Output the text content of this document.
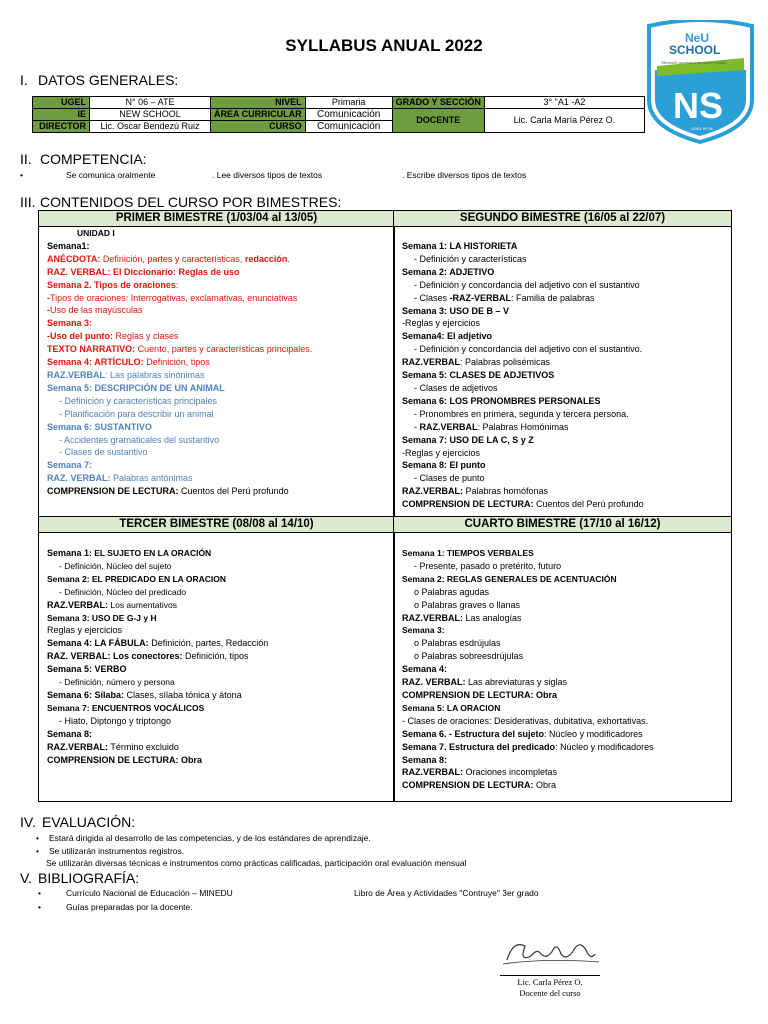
SYLLABUS ANUAL 2022	NeU
SCHOOL
Abriendo puertas a un nuevo mundo
NS
UGEL Nº 06
I. DATOS GENERALES:
UGEL	N° 06 – ATE	NIVEL	Primaria	GRADO Y SECCIÓN	3° "A1 -A2
IE	NEW SCHOOL	ÁREA CURRICULAR	Comunicación	DOCENTE	Lic. Carla María Pérez O.
DIRECTOR	Lic. Oscar Bendezú Ruiz	CURSO	Comunicación		
II. COMPETENCIA:
•	Se comunica oralmente	. Lee diversos tipos de textos	. Escribe diversos tipos de textos
III. CONTENIDOS DEL CURSO POR BIMESTRES:
PRIMER BIMESTRE (1/03/04 al 13/05)
UNIDAD I
Semana1:
ANÉCDOTA: Definición, partes y características, redacción.
RAZ. VERBAL: El Diccionario: Reglas de uso
Semana 2. Tipos de oraciones:
-Tipos de oraciones: Interrogativas, exclamativas, enunciativas
-Uso de las mayúsculas
Semana 3:
-Uso del punto: Reglas y clases
TEXTO NARRATIVO: Cuento, partes y características principales.
Semana 4: ARTÍCULO: Definición, tipos
RAZ.VERBAL: Las palabras sinónimas
Semana 5: DESCRIPCIÓN DE UN ANIMAL
- Definición y características principales
- Planificación para describir un animal
Semana 6: SUSTANTIVO
- Accidentes gramaticales del sustantivo
- Clases de sustantivo
Semana 7:
RAZ. VERBAL: Palabras antónimas
COMPRENSION DE LECTURA: Cuentos del Perú profundo
SEGUNDO BIMESTRE (16/05 al 22/07)
Semana 1: LA HISTORIETA
- Definición y características
Semana 2: ADJETIVO
- Definición y concordancia del adjetivo con el sustantivo
- Clases -RAZ-VERBAL: Familia de palabras
Semana 3: USO DE B – V
-Reglas y ejercicios
Semana4: El adjetivo
- Definición y concordancia del adjetivo con el sustantivo.
RAZ.VERBAL: Palabras polisémicas
Semana 5: CLASES DE ADJETIVOS
- Clases de adjetivos
Semana 6: LOS PRONOMBRES PERSONALES
- Pronombres en primera, segunda y tercera persona.
- RAZ.VERBAL: Palabras Homónimas
Semana 7: USO DE LA C, S y Z
-Reglas y ejercicios
Semana 8: El punto
- Clases de punto
RAZ.VERBAL: Palabras homófonas
COMPRENSION DE LECTURA: Cuentos del Perú profundo
TERCER BIMESTRE (08/08 al 14/10)
Semana 1: EL SUJETO EN LA ORACIÓN
- Definición, Núcleo del sujeto
Semana 2: EL PREDICADO EN LA ORACION
- Definición, Núcleo del predicado
RAZ.VERBAL: Los aumentativos
Semana 3: USO DE G-J y H
Reglas y ejercicios
Semana 4: LA FÁBULA: Definición, partes, Redacción
RAZ. VERBAL: Los conectores: Definición, tipos
Semana 5: VERBO
- Definición, número y persona
Semana 6: Sílaba: Clases, sílaba tónica y átona
Semana 7: ENCUENTROS VOCÁLICOS
- Hiato, Diptongo y triptongo
Semana 8:
RAZ.VERBAL: Término excluido
COMPRENSION DE LECTURA: Obra
CUARTO BIMESTRE (17/10 al 16/12)
Semana 1: TIEMPOS VERBALES
- Presente, pasado o pretérito, futuro
Semana 2: REGLAS GENERALES DE ACENTUACIÓN
o Palabras agudas
o Palabras graves o llanas
RAZ.VERBAL: Las analogías
Semana 3:
o Palabras esdrújulas
o Palabras sobreesdrújulas
Semana 4:
RAZ. VERBAL: Las abreviaturas y siglas
COMPRENSION DE LECTURA: Obra
Semana 5: LA ORACION
- Clases de oraciones: Desiderativas, dubitativa, exhortativas.
Semana 6. - Estructura del sujeto: Núcleo y modificadores
Semana 7. Estructura del predicado: Núcleo y modificadores
Semana 8:
RAZ.VERBAL: Oraciones incompletas
COMPRENSION DE LECTURA: Obra
IV. EVALUACIÓN:
• Estará dirigida al desarrollo de las competencias, y de los estándares de aprendizaje.
• Se utilizarán instrumentos registros.
Se utilizarán diversas técnicas e instrumentos como prácticas calificadas, participación oral evaluación mensual
V. BIBLIOGRAFÍA:
•	Currículo Nacional de Educación – MINEDU	Libro de Área y Actividades "Contruye" 3er grado
•	Guías preparadas por la docente.
Lic. Carla Pérez O.
Docente del curso
